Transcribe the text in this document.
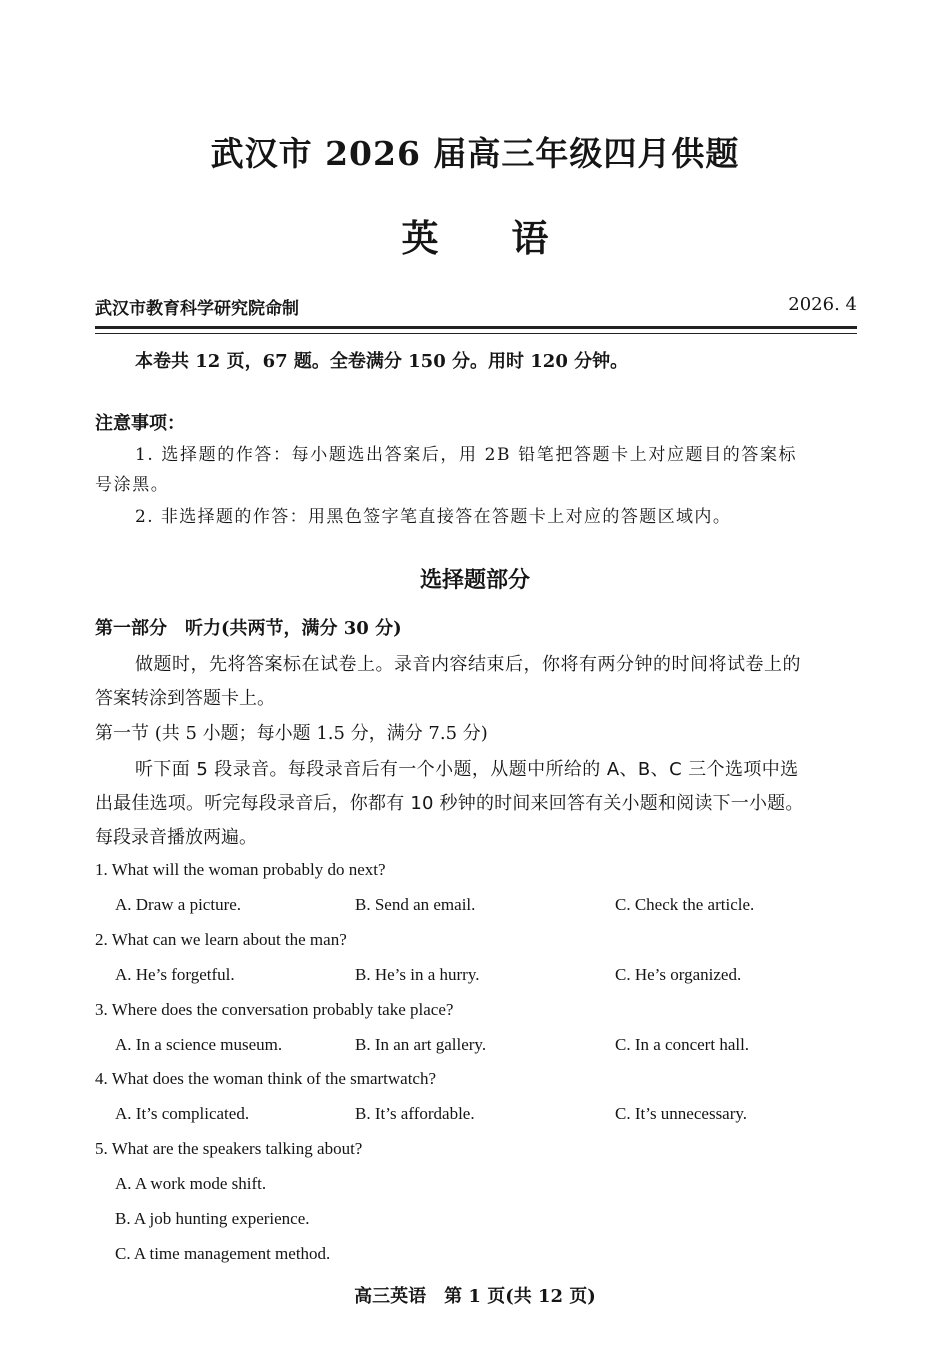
武汉市 2026 届高三年级四月供题
英 语
武汉市教育科学研究院命制	2026. 4
本卷共 12 页，67 题。全卷满分 150 分。用时 120 分钟。
注意事项：
1. 选择题的作答：每小题选出答案后，用 2B 铅笔把答题卡上对应题目的答案标
号涂黑。
2. 非选择题的作答：用黑色签字笔直接答在答题卡上对应的答题区域内。
选择题部分
第一部分　听力(共两节，满分 30 分)
做题时，先将答案标在试卷上。录音内容结束后，你将有两分钟的时间将试卷上的
答案转涂到答题卡上。
第一节 (共 5 小题；每小题 1.5 分，满分 7.5 分)
听下面 5 段录音。每段录音后有一个小题，从题中所给的 A、B、C 三个选项中选
出最佳选项。听完每段录音后，你都有 10 秒钟的时间来回答有关小题和阅读下一小题。
每段录音播放两遍。
1. What will the woman probably do next?
A. Draw a picture.	B. Send an email.	C. Check the article.
2. What can we learn about the man?
A. He’s forgetful.	B. He’s in a hurry.	C. He’s organized.
3. Where does the conversation probably take place?
A. In a science museum.	B. In an art gallery.	C. In a concert hall.
4. What does the woman think of the smartwatch?
A. It’s complicated.	B. It’s affordable.	C. It’s unnecessary.
5. What are the speakers talking about?
A. A work mode shift.
B. A job hunting experience.
C. A time management method.
高三英语　第 1 页(共 12 页)
